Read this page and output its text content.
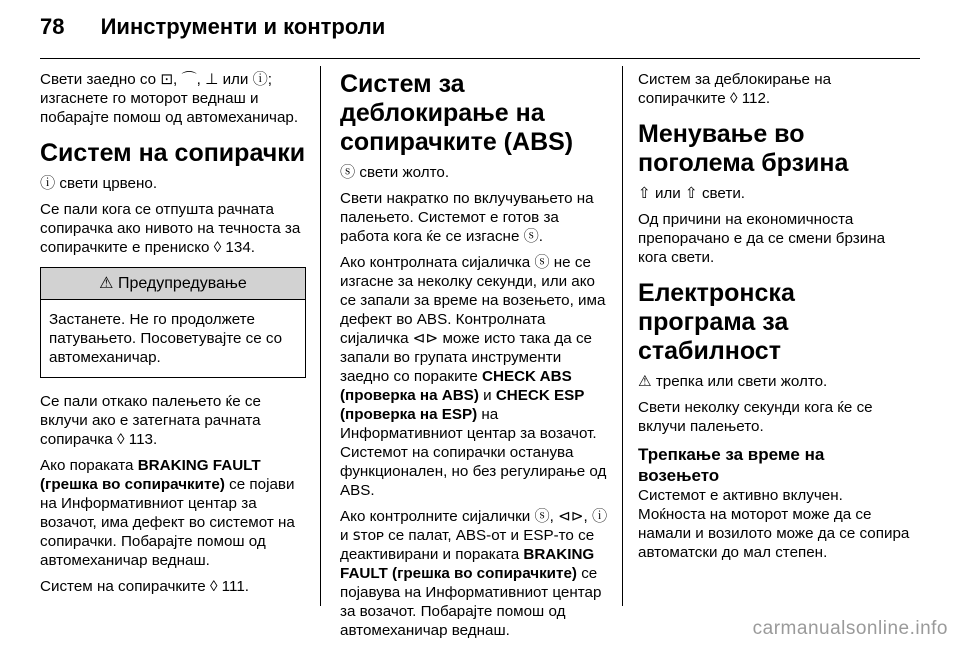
78 Иинструменти и контроли

Свети заедно со ⊡, ⌒, ⊥ или ⓘ; изгаснете го моторот веднаш и побарајте помош од автомеханичар.

Систем на сопирачки

ⓘ свети црвено.

Се пали кога се отпушта рачната сопирачка ако нивото на течноста за сопирачките е прениско ◊ 134.

⚠ Предупредување
Застанете. Не го продолжете патувањето. Посоветувајте се со автомеханичар.

Се пали откако палењето ќе се вклучи ако е затегната рачната сопирачка ◊ 113.

Ако пораката BRAKING FAULT (грешка во сопирачките) се појави на Информативниот центар за возачот, има дефект во системот на сопирачки. Побарајте помош од автомеханичар веднаш.

Систем на сопирачките ◊ 111.

Систем за деблокирање на сопирачките (ABS)

ⓢ свети жолто.

Свети накратко по вклучувањето на палењето. Системот е готов за работа кога ќе се изгасне ⓢ.

Ако контролната сијаличка ⓢ не се изгасне за неколку секунди, или ако се запали за време на возењето, има дефект во ABS. Контролната сијаличка ⊲⊳ може исто така да се запали во групата инструменти заедно со пораките CHECK ABS (проверка на ABS) и CHECK ESP (проверка на ESP) на Информативниот центар за возачот. Системот на сопирачки останува функционален, но без регулирање од ABS.

Ако контролните сијалички ⓢ, ⊲⊳, ⓘ и ꜱᴛᴏᴘ се палат, ABS-от и ESP-то се деактивирани и пораката BRAKING FAULT (грешка во сопирачките) се појавува на Информативниот центар за возачот. Побарајте помош од автомеханичар веднаш.

Систем за деблокирање на сопирачките ◊ 112.

Менување во поголема брзина

⇧ или ⇧ свети.

Од причини на економичноста препорачано е да се смени брзина кога свети.

Електронска програма за стабилност

⚠ трепка или свети жолто.

Свети неколку секунди кога ќе се вклучи палењето.

Трепкање за време на возењето

Системот е активно вклучен. Моќноста на моторот може да се намали и возилото може да се сопира автоматски до мал степен.

carmanualsonline.info
